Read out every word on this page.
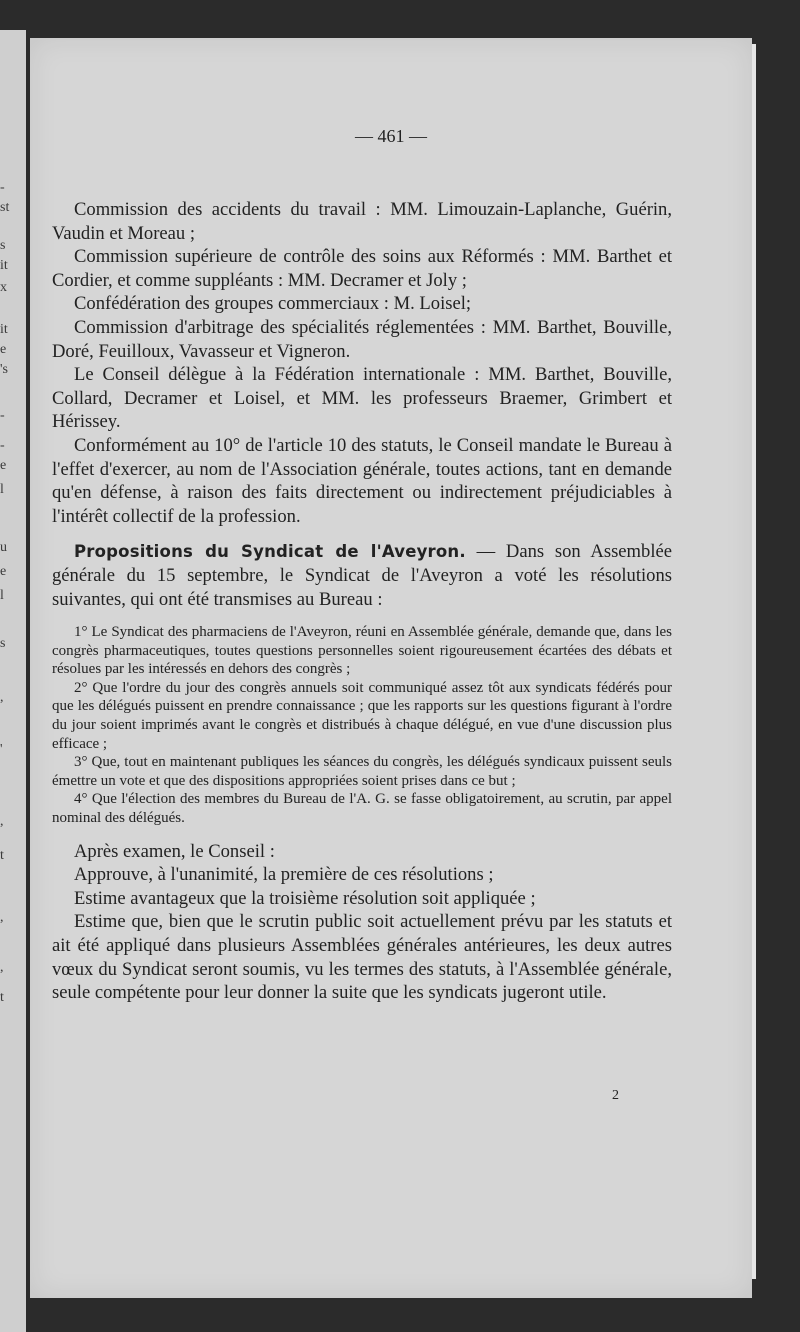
-
st
s
it
x
it
e
's
-
-
e
l
u
e
l
s
,
'
,
t
,
,
t
— 461 —

Commission des accidents du travail : MM. Limouzain-Laplanche, Guérin, Vaudin et Moreau ;

Commission supérieure de contrôle des soins aux Réformés : MM. Barthet et Cordier, et comme suppléants : MM. Decramer et Joly ;

Confédération des groupes commerciaux : M. Loisel;

Commission d'arbitrage des spécialités réglementées : MM. Barthet, Bouville, Doré, Feuilloux, Vavasseur et Vigneron.

Le Conseil délègue à la Fédération internationale : MM. Barthet, Bouville, Collard, Decramer et Loisel, et MM. les professeurs Braemer, Grimbert et Hérissey.

Conformément au 10° de l'article 10 des statuts, le Conseil mandate le Bureau à l'effet d'exercer, au nom de l'Association générale, toutes actions, tant en demande qu'en défense, à raison des faits directement ou indirectement préjudiciables à l'intérêt collectif de la profession.

Propositions du Syndicat de l'Aveyron. — Dans son Assemblée générale du 15 septembre, le Syndicat de l'Aveyron a voté les résolutions suivantes, qui ont été transmises au Bureau :

1° Le Syndicat des pharmaciens de l'Aveyron, réuni en Assemblée générale, demande que, dans les congrès pharmaceutiques, toutes questions personnelles soient rigoureusement écartées des débats et résolues par les intéressés en dehors des congrès ;

2° Que l'ordre du jour des congrès annuels soit communiqué assez tôt aux syndicats fédérés pour que les délégués puissent en prendre connaissance ; que les rapports sur les questions figurant à l'ordre du jour soient imprimés avant le congrès et distribués à chaque délégué, en vue d'une discussion plus efficace ;

3° Que, tout en maintenant publiques les séances du congrès, les délégués syndicaux puissent seuls émettre un vote et que des dispositions appropriées soient prises dans ce but ;

4° Que l'élection des membres du Bureau de l'A. G. se fasse obligatoirement, au scrutin, par appel nominal des délégués.

Après examen, le Conseil :

Approuve, à l'unanimité, la première de ces résolutions ;

Estime avantageux que la troisième résolution soit appliquée ;

Estime que, bien que le scrutin public soit actuellement prévu par les statuts et ait été appliqué dans plusieurs Assemblées générales antérieures, les deux autres vœux du Syndicat seront soumis, vu les termes des statuts, à l'Assemblée générale, seule compétente pour leur donner la suite que les syndicats jugeront utile.

2
